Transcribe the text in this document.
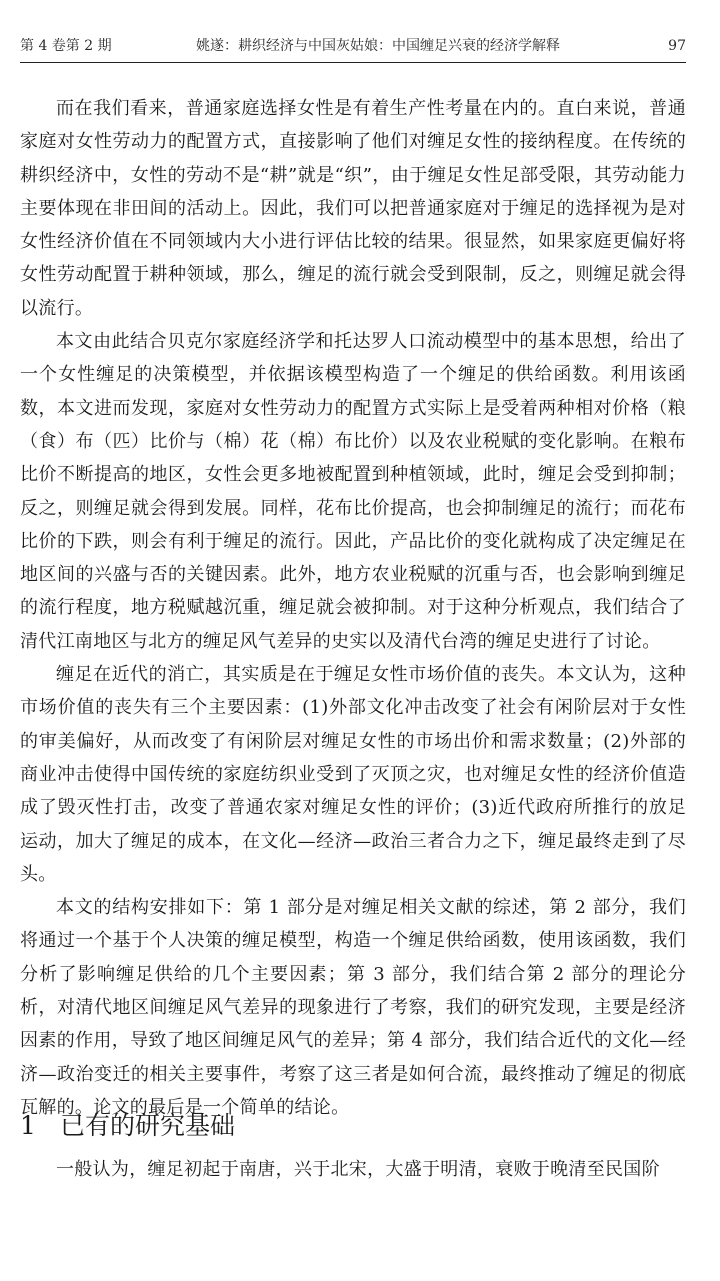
第 4 卷第 2 期	姚遂：耕织经济与中国灰姑娘：中国缠足兴衰的经济学解释	97

而在我们看来，普通家庭选择女性是有着生产性考量在内的。直白来说，普通家庭对女性劳动力的配置方式，直接影响了他们对缠足女性的接纳程度。在传统的耕织经济中，女性的劳动不是“耕”就是“织”，由于缠足女性足部受限，其劳动能力主要体现在非田间的活动上。因此，我们可以把普通家庭对于缠足的选择视为是对女性经济价值在不同领域内大小进行评估比较的结果。很显然，如果家庭更偏好将女性劳动配置于耕种领域，那么，缠足的流行就会受到限制，反之，则缠足就会得以流行。

本文由此结合贝克尔家庭经济学和托达罗人口流动模型中的基本思想，给出了一个女性缠足的决策模型，并依据该模型构造了一个缠足的供给函数。利用该函数，本文进而发现，家庭对女性劳动力的配置方式实际上是受着两种相对价格（粮（食）布（匹）比价与（棉）花（棉）布比价）以及农业税赋的变化影响。在粮布比价不断提高的地区，女性会更多地被配置到种植领域，此时，缠足会受到抑制；反之，则缠足就会得到发展。同样，花布比价提高，也会抑制缠足的流行；而花布比价的下跌，则会有利于缠足的流行。因此，产品比价的变化就构成了决定缠足在地区间的兴盛与否的关键因素。此外，地方农业税赋的沉重与否，也会影响到缠足的流行程度，地方税赋越沉重，缠足就会被抑制。对于这种分析观点，我们结合了清代江南地区与北方的缠足风气差异的史实以及清代台湾的缠足史进行了讨论。

缠足在近代的消亡，其实质是在于缠足女性市场价值的丧失。本文认为，这种市场价值的丧失有三个主要因素：(1)外部文化冲击改变了社会有闲阶层对于女性的审美偏好，从而改变了有闲阶层对缠足女性的市场出价和需求数量；(2)外部的商业冲击使得中国传统的家庭纺织业受到了灭顶之灾，也对缠足女性的经济价值造成了毁灭性打击，改变了普通农家对缠足女性的评价；(3)近代政府所推行的放足运动，加大了缠足的成本，在文化—经济—政治三者合力之下，缠足最终走到了尽头。

本文的结构安排如下：第 1 部分是对缠足相关文献的综述，第 2 部分，我们将通过一个基于个人决策的缠足模型，构造一个缠足供给函数，使用该函数，我们分析了影响缠足供给的几个主要因素；第 3 部分，我们结合第 2 部分的理论分析，对清代地区间缠足风气差异的现象进行了考察，我们的研究发现，主要是经济因素的作用，导致了地区间缠足风气的差异；第 4 部分，我们结合近代的文化—经济—政治变迁的相关主要事件，考察了这三者是如何合流，最终推动了缠足的彻底瓦解的。论文的最后是一个简单的结论。

1 已有的研究基础

一般认为，缠足初起于南唐，兴于北宋，大盛于明清，衰败于晚清至民国阶
